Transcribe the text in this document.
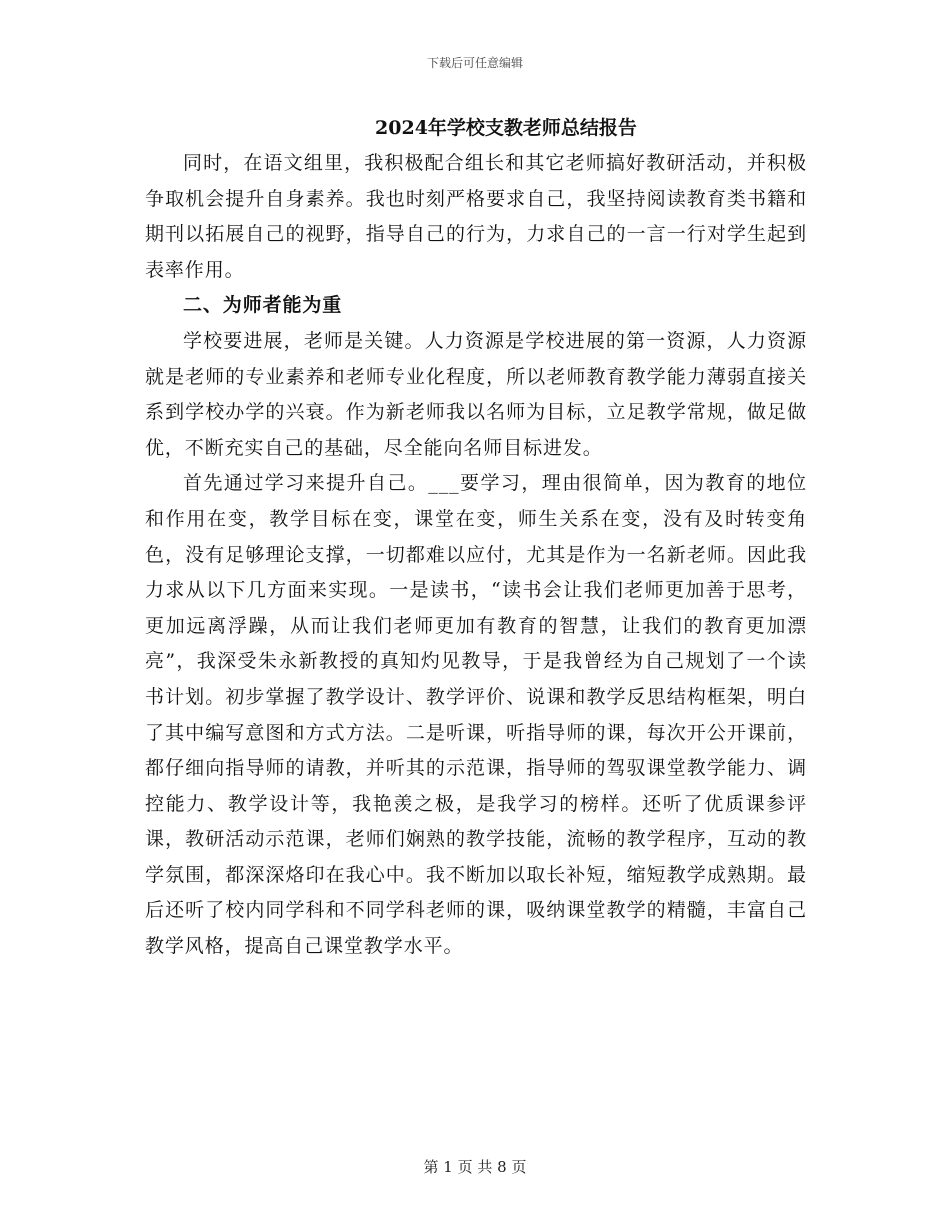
下载后可任意编辑
2024年学校支教老师总结报告

同时，在语文组里，我积极配合组长和其它老师搞好教研活动，并积极争取机会提升自身素养。我也时刻严格要求自己，我坚持阅读教育类书籍和期刊以拓展自己的视野，指导自己的行为，力求自己的一言一行对学生起到表率作用。

二、为师者能为重

学校要进展，老师是关键。人力资源是学校进展的第一资源，人力资源就是老师的专业素养和老师专业化程度，所以老师教育教学能力薄弱直接关系到学校办学的兴衰。作为新老师我以名师为目标，立足教学常规，做足做优，不断充实自己的基础，尽全能向名师目标进发。

首先通过学习来提升自己。___要学习，理由很简单，因为教育的地位和作用在变，教学目标在变，课堂在变，师生关系在变，没有及时转变角色，没有足够理论支撑，一切都难以应付，尤其是作为一名新老师。因此我力求从以下几方面来实现。一是读书，“读书会让我们老师更加善于思考，更加远离浮躁，从而让我们老师更加有教育的智慧，让我们的教育更加漂亮”，我深受朱永新教授的真知灼见教导，于是我曾经为自己规划了一个读书计划。初步掌握了教学设计、教学评价、说课和教学反思结构框架，明白了其中编写意图和方式方法。二是听课，听指导师的课，每次开公开课前，都仔细向指导师的请教，并听其的示范课，指导师的驾驭课堂教学能力、调控能力、教学设计等，我艳羡之极，是我学习的榜样。还听了优质课参评课，教研活动示范课，老师们娴熟的教学技能，流畅的教学程序，互动的教学氛围，都深深烙印在我心中。我不断加以取长补短，缩短教学成熟期。最后还听了校内同学科和不同学科老师的课，吸纳课堂教学的精髓，丰富自己教学风格，提高自己课堂教学水平。

第 1 页 共 8 页
